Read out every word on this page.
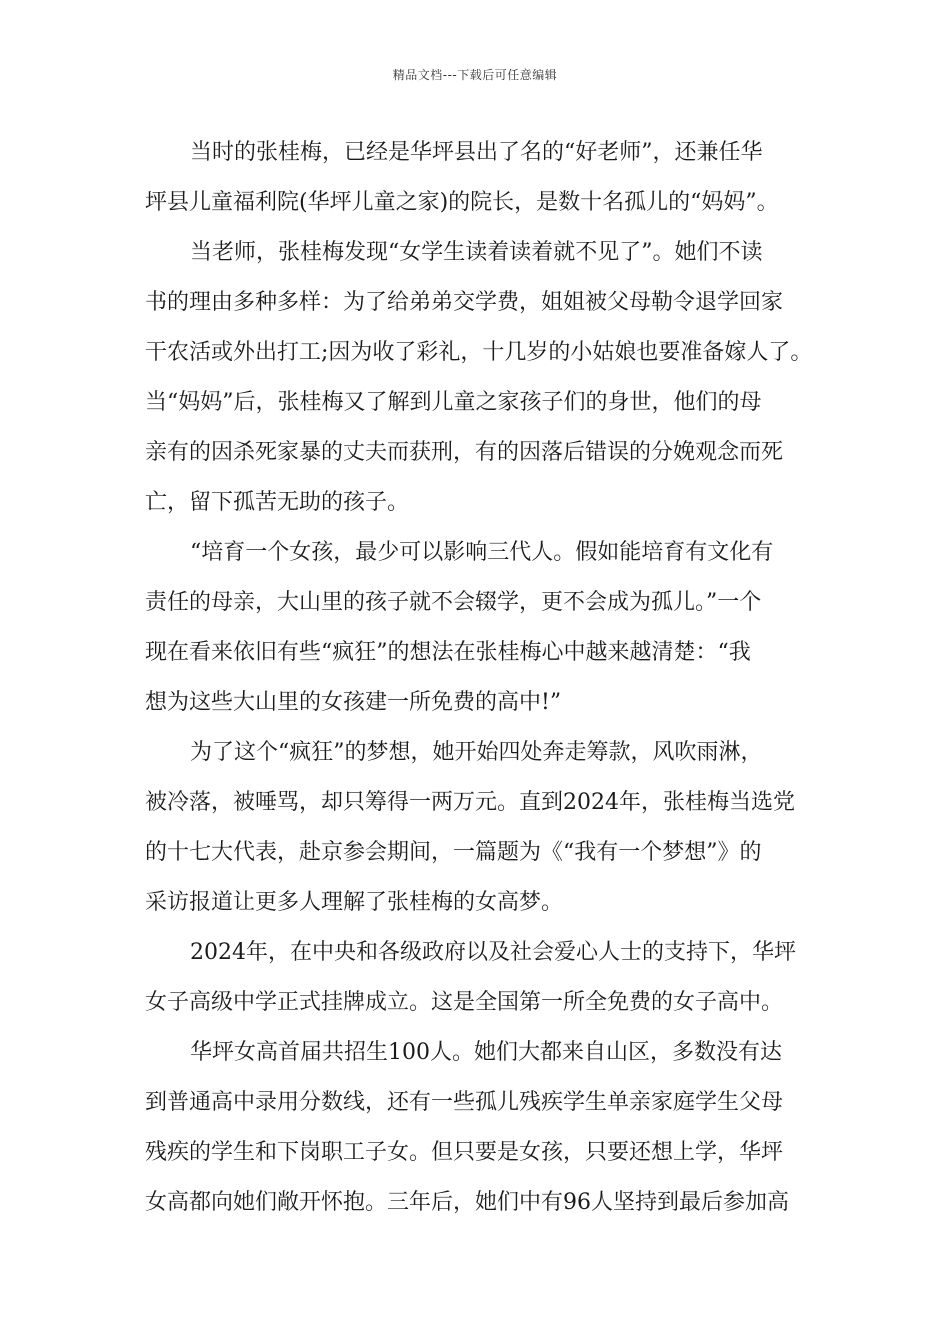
精品文档---下载后可任意编辑
当时的张桂梅，已经是华坪县出了名的“好老师”，还兼任华
坪县儿童福利院(华坪儿童之家)的院长，是数十名孤儿的“妈妈”。
当老师，张桂梅发现“女学生读着读着就不见了”。她们不读
书的理由多种多样：为了给弟弟交学费，姐姐被父母勒令退学回家
干农活或外出打工;因为收了彩礼，十几岁的小姑娘也要准备嫁人了。
当“妈妈”后，张桂梅又了解到儿童之家孩子们的身世，他们的母
亲有的因杀死家暴的丈夫而获刑，有的因落后错误的分娩观念而死
亡，留下孤苦无助的孩子。
“培育一个女孩，最少可以影响三代人。假如能培育有文化有
责任的母亲，大山里的孩子就不会辍学，更不会成为孤儿。”一个
现在看来依旧有些“疯狂”的想法在张桂梅心中越来越清楚：“我
想为这些大山里的女孩建一所免费的高中!”
为了这个“疯狂”的梦想，她开始四处奔走筹款，风吹雨淋，
被冷落，被唾骂，却只筹得一两万元。直到2024年，张桂梅当选党
的十七大代表，赴京参会期间，一篇题为《“我有一个梦想”》的
采访报道让更多人理解了张桂梅的女高梦。
2024年，在中央和各级政府以及社会爱心人士的支持下，华坪
女子高级中学正式挂牌成立。这是全国第一所全免费的女子高中。
华坪女高首届共招生100人。她们大都来自山区，多数没有达
到普通高中录用分数线，还有一些孤儿残疾学生单亲家庭学生父母
残疾的学生和下岗职工子女。但只要是女孩，只要还想上学，华坪
女高都向她们敞开怀抱。三年后，她们中有96人坚持到最后参加高
